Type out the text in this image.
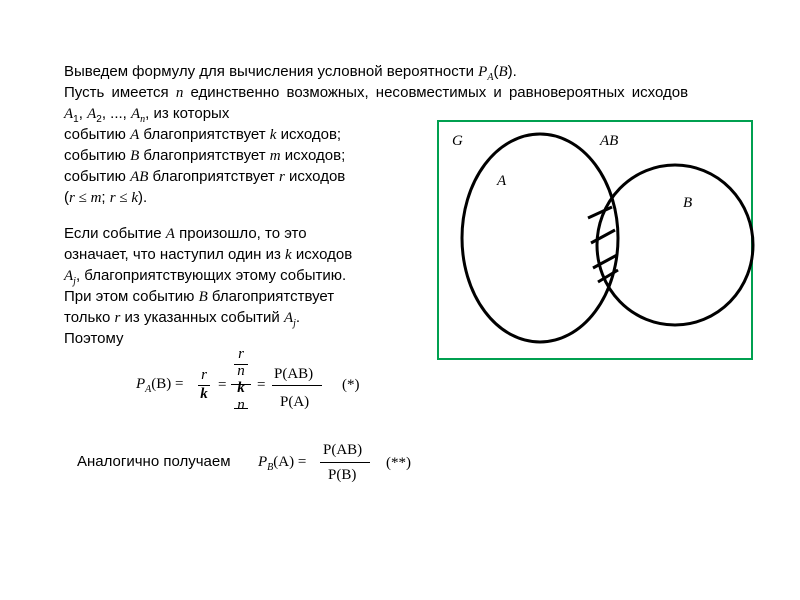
Выведем формулу для вычисления условной вероятности $P_A(B)$.
Пусть имеется n единственно возможных, несовместимых и равновероятных исходов
$A_1$, $A_2$, ..., $A_n$, из которых
событию A благоприятствует k исходов;
событию B благоприятствует m исходов;
событию AB благоприятствует r исходов
(r ≤ m; r ≤ k).
Если событие A произошло, то это
означает, что наступил один из k исходов
$A_j$, благоприятствующих этому событию.
При этом событию B благоприятствует
только r из указанных событий $A_j$.
Поэтому
$P_A(B)$ =
r
k
=
r
n
k
n
=
P(AB)
P(A)
(*)
Аналогично получаем $P_B(A)$ =
P(AB)
P(B)
(**)
G	AB
A
B
